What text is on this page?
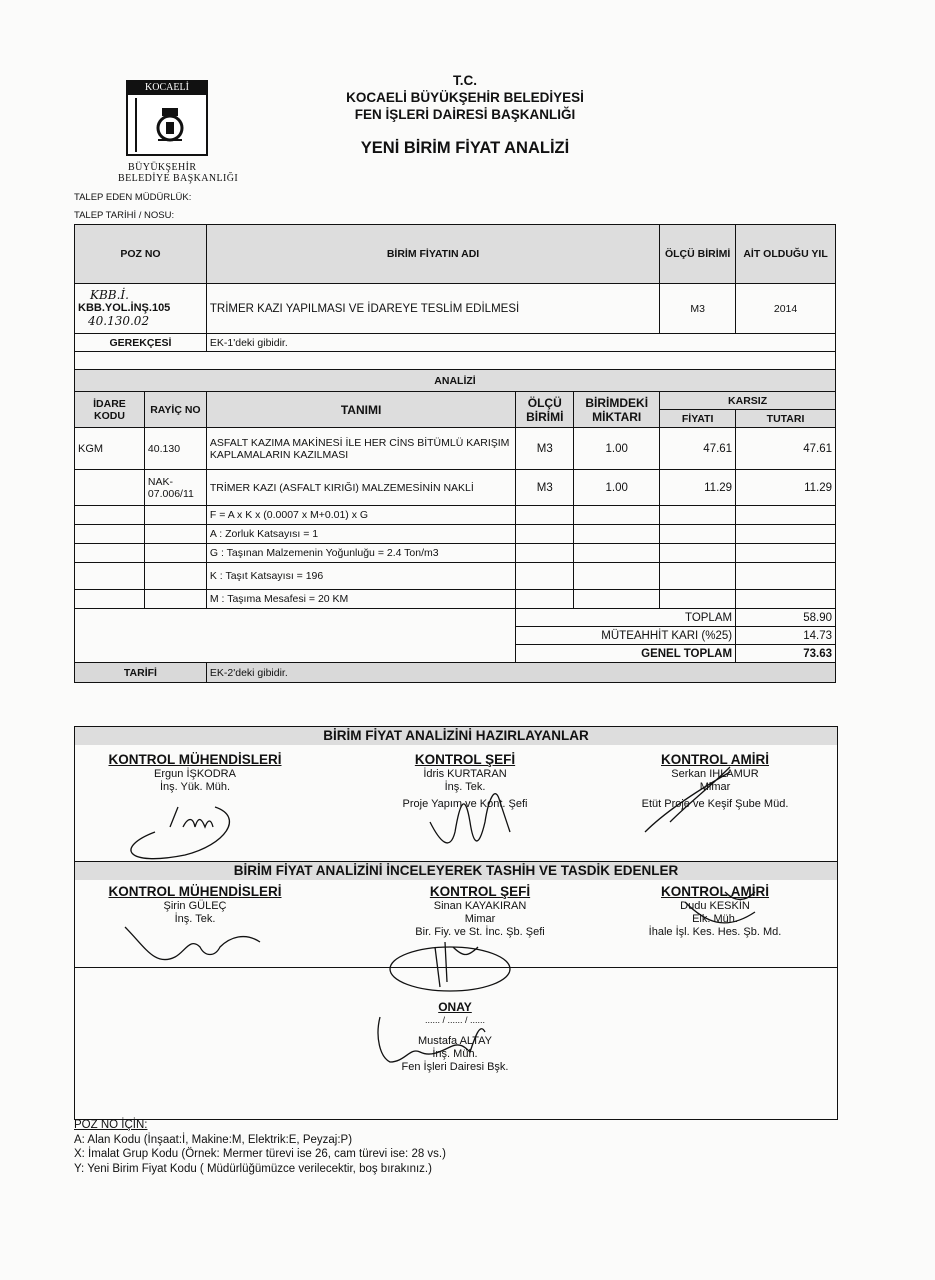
KOCAELİ
BÜYÜKŞEHİR
BELEDİYE BAŞKANLIĞI
T.C.
KOCAELİ BÜYÜKŞEHİR BELEDİYESİ
FEN İŞLERİ DAİRESİ BAŞKANLIĞI
YENİ BİRİM FİYAT ANALİZİ
TALEP EDEN MÜDÜRLÜK:
TALEP TARİHİ / NOSU:
POZ NO		BİRİM FİYATIN ADI			ÖLÇÜ BİRİMİ	AİT OLDUĞU YIL

KBB.İ.
KBB.YOL.İNŞ.105
40.130.02		TRİMER KAZI YAPILMASI VE İDAREYE TESLİM EDİLMESİ			M3	2014
GEREKÇESİ		EK-1'deki gibidir.				

ANALİZİ						
İDARE KODU	RAYİÇ NO	TANIMI	ÖLÇÜ BİRİMİ	BİRİMDEKİ MİKTARI	KARSIZ	
					FİYATI	TUTARI
KGM	40.130	ASFALT KAZIMA MAKİNESİ İLE HER CİNS BİTÜMLÜ KARIŞIM KAPLAMALARIN KAZILMASI	M3	1.00	47.61	47.61
	NAK-07.006/11	TRİMER KAZI (ASFALT KIRIĞI) MALZEMESİNİN NAKLİ	M3	1.00	11.29	11.29
		F = A x K x (0.0007 x M+0.01) x G				
		A : Zorluk Katsayısı = 1				
		G : Taşınan Malzemenin Yoğunluğu = 2.4 Ton/m3				
		K : Taşıt Katsayısı = 196				
		M : Taşıma Mesafesi = 20 KM				
			TOPLAM			58.90
			MÜTEAHHİT KARI (%25)			14.73
			GENEL TOPLAM			73.63
TARİFİ		EK-2'deki gibidir.				
BİRİM FİYAT ANALİZİNİ HAZIRLAYANLAR
KONTROL MÜHENDİSLERİ
Ergun İŞKODRA
İnş. Yük. Müh.
KONTROL ŞEFİ
İdris KURTARAN
İnş. Tek.
Proje Yapım ve Kont. Şefi
KONTROL AMİRİ
Serkan IHLAMUR
Mimar
Etüt Proje ve Keşif Şube Müd.
BİRİM FİYAT ANALİZİNİ İNCELEYEREK TASHİH VE TASDİK EDENLER
KONTROL MÜHENDİSLERİ
Şirin GÜLEÇ
İnş. Tek.
KONTROL ŞEFİ
Sinan KAYAKIRAN
Mimar
Bir. Fiy. ve St. İnc. Şb. Şefi
KONTROL AMİRİ
Dudu KESKİN
Elk. Müh.
İhale İşl. Kes. Hes. Şb. Md.
ONAY
...... / ...... / ......
Mustafa ALTAY
İnş. Müh.
Fen İşleri Dairesi Bşk.
POZ NO İÇİN:
A: Alan Kodu (İnşaat:İ, Makine:M, Elektrik:E, Peyzaj:P)
X: İmalat Grup Kodu (Örnek: Mermer türevi ise 26, cam türevi ise: 28 vs.)
Y: Yeni Birim Fiyat Kodu ( Müdürlüğümüzce verilecektir, boş bırakınız.)
